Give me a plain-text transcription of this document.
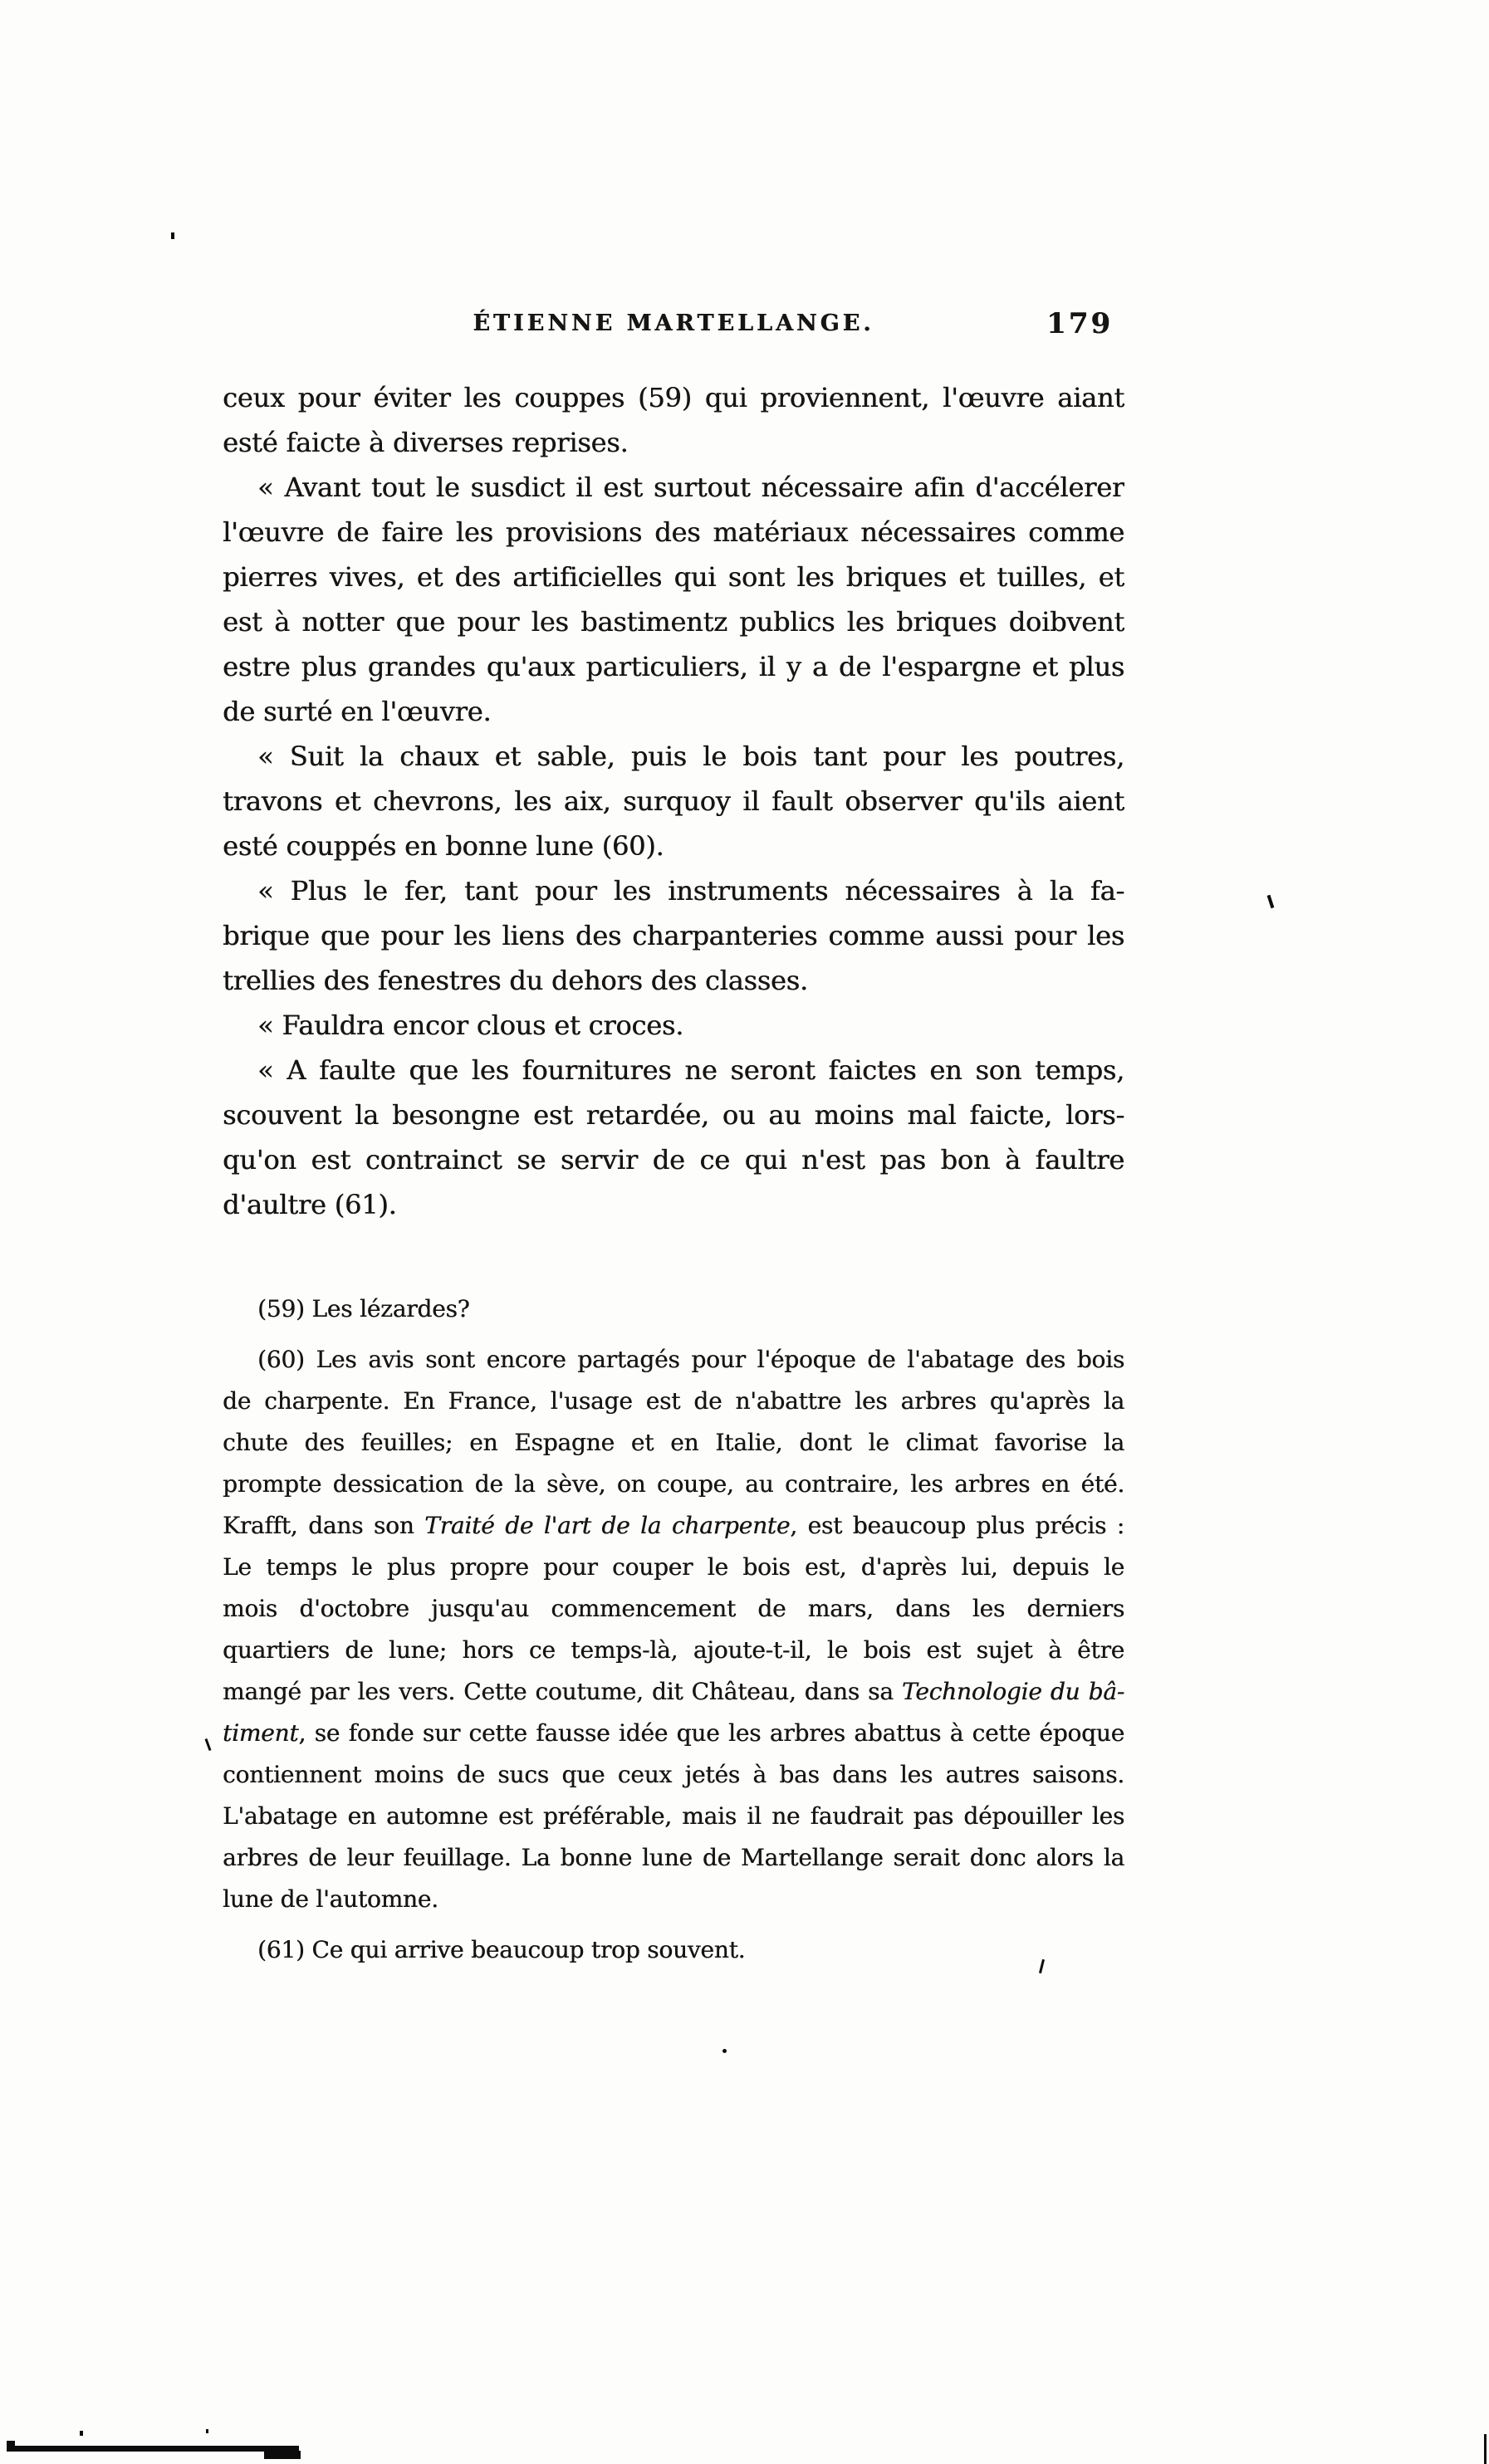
ÉTIENNE MARTELLANGE.	179
ceux pour éviter les couppes (59) qui proviennent, l'œuvre aiant
esté faicte à diverses reprises.
« Avant tout le susdict il est surtout nécessaire afin d'accélerer
l'œuvre de faire les provisions des matériaux nécessaires comme
pierres vives, et des artificielles qui sont les briques et tuilles, et
est à notter que pour les bastimentz publics les briques doibvent
estre plus grandes qu'aux particuliers, il y a de l'espargne et plus
de surté en l'œuvre.
« Suit la chaux et sable, puis le bois tant pour les poutres,
travons et chevrons, les aix, surquoy il fault observer qu'ils aient
esté couppés en bonne lune (60).
« Plus le fer, tant pour les instruments nécessaires à la fa-
brique que pour les liens des charpanteries comme aussi pour les
trellies des fenestres du dehors des classes.
« Fauldra encor clous et croces.
« A faulte que les fournitures ne seront faictes en son temps,
scouvent la besongne est retardée, ou au moins mal faicte, lors-
qu'on est contrainct se servir de ce qui n'est pas bon à faultre
d'aultre (61).
(59) Les lézardes?
(60) Les avis sont encore partagés pour l'époque de l'abatage des bois
de charpente. En France, l'usage est de n'abattre les arbres qu'après la
chute des feuilles; en Espagne et en Italie, dont le climat favorise la
prompte dessication de la sève, on coupe, au contraire, les arbres en été.
Krafft, dans son Traité de l'art de la charpente, est beaucoup plus précis :
Le temps le plus propre pour couper le bois est, d'après lui, depuis le
mois d'octobre jusqu'au commencement de mars, dans les derniers
quartiers de lune; hors ce temps-là, ajoute-t-il, le bois est sujet à être
mangé par les vers. Cette coutume, dit Château, dans sa Technologie du bâ-
timent, se fonde sur cette fausse idée que les arbres abattus à cette époque
contiennent moins de sucs que ceux jetés à bas dans les autres saisons.
L'abatage en automne est préférable, mais il ne faudrait pas dépouiller les
arbres de leur feuillage. La bonne lune de Martellange serait donc alors la
lune de l'automne.
(61) Ce qui arrive beaucoup trop souvent.
